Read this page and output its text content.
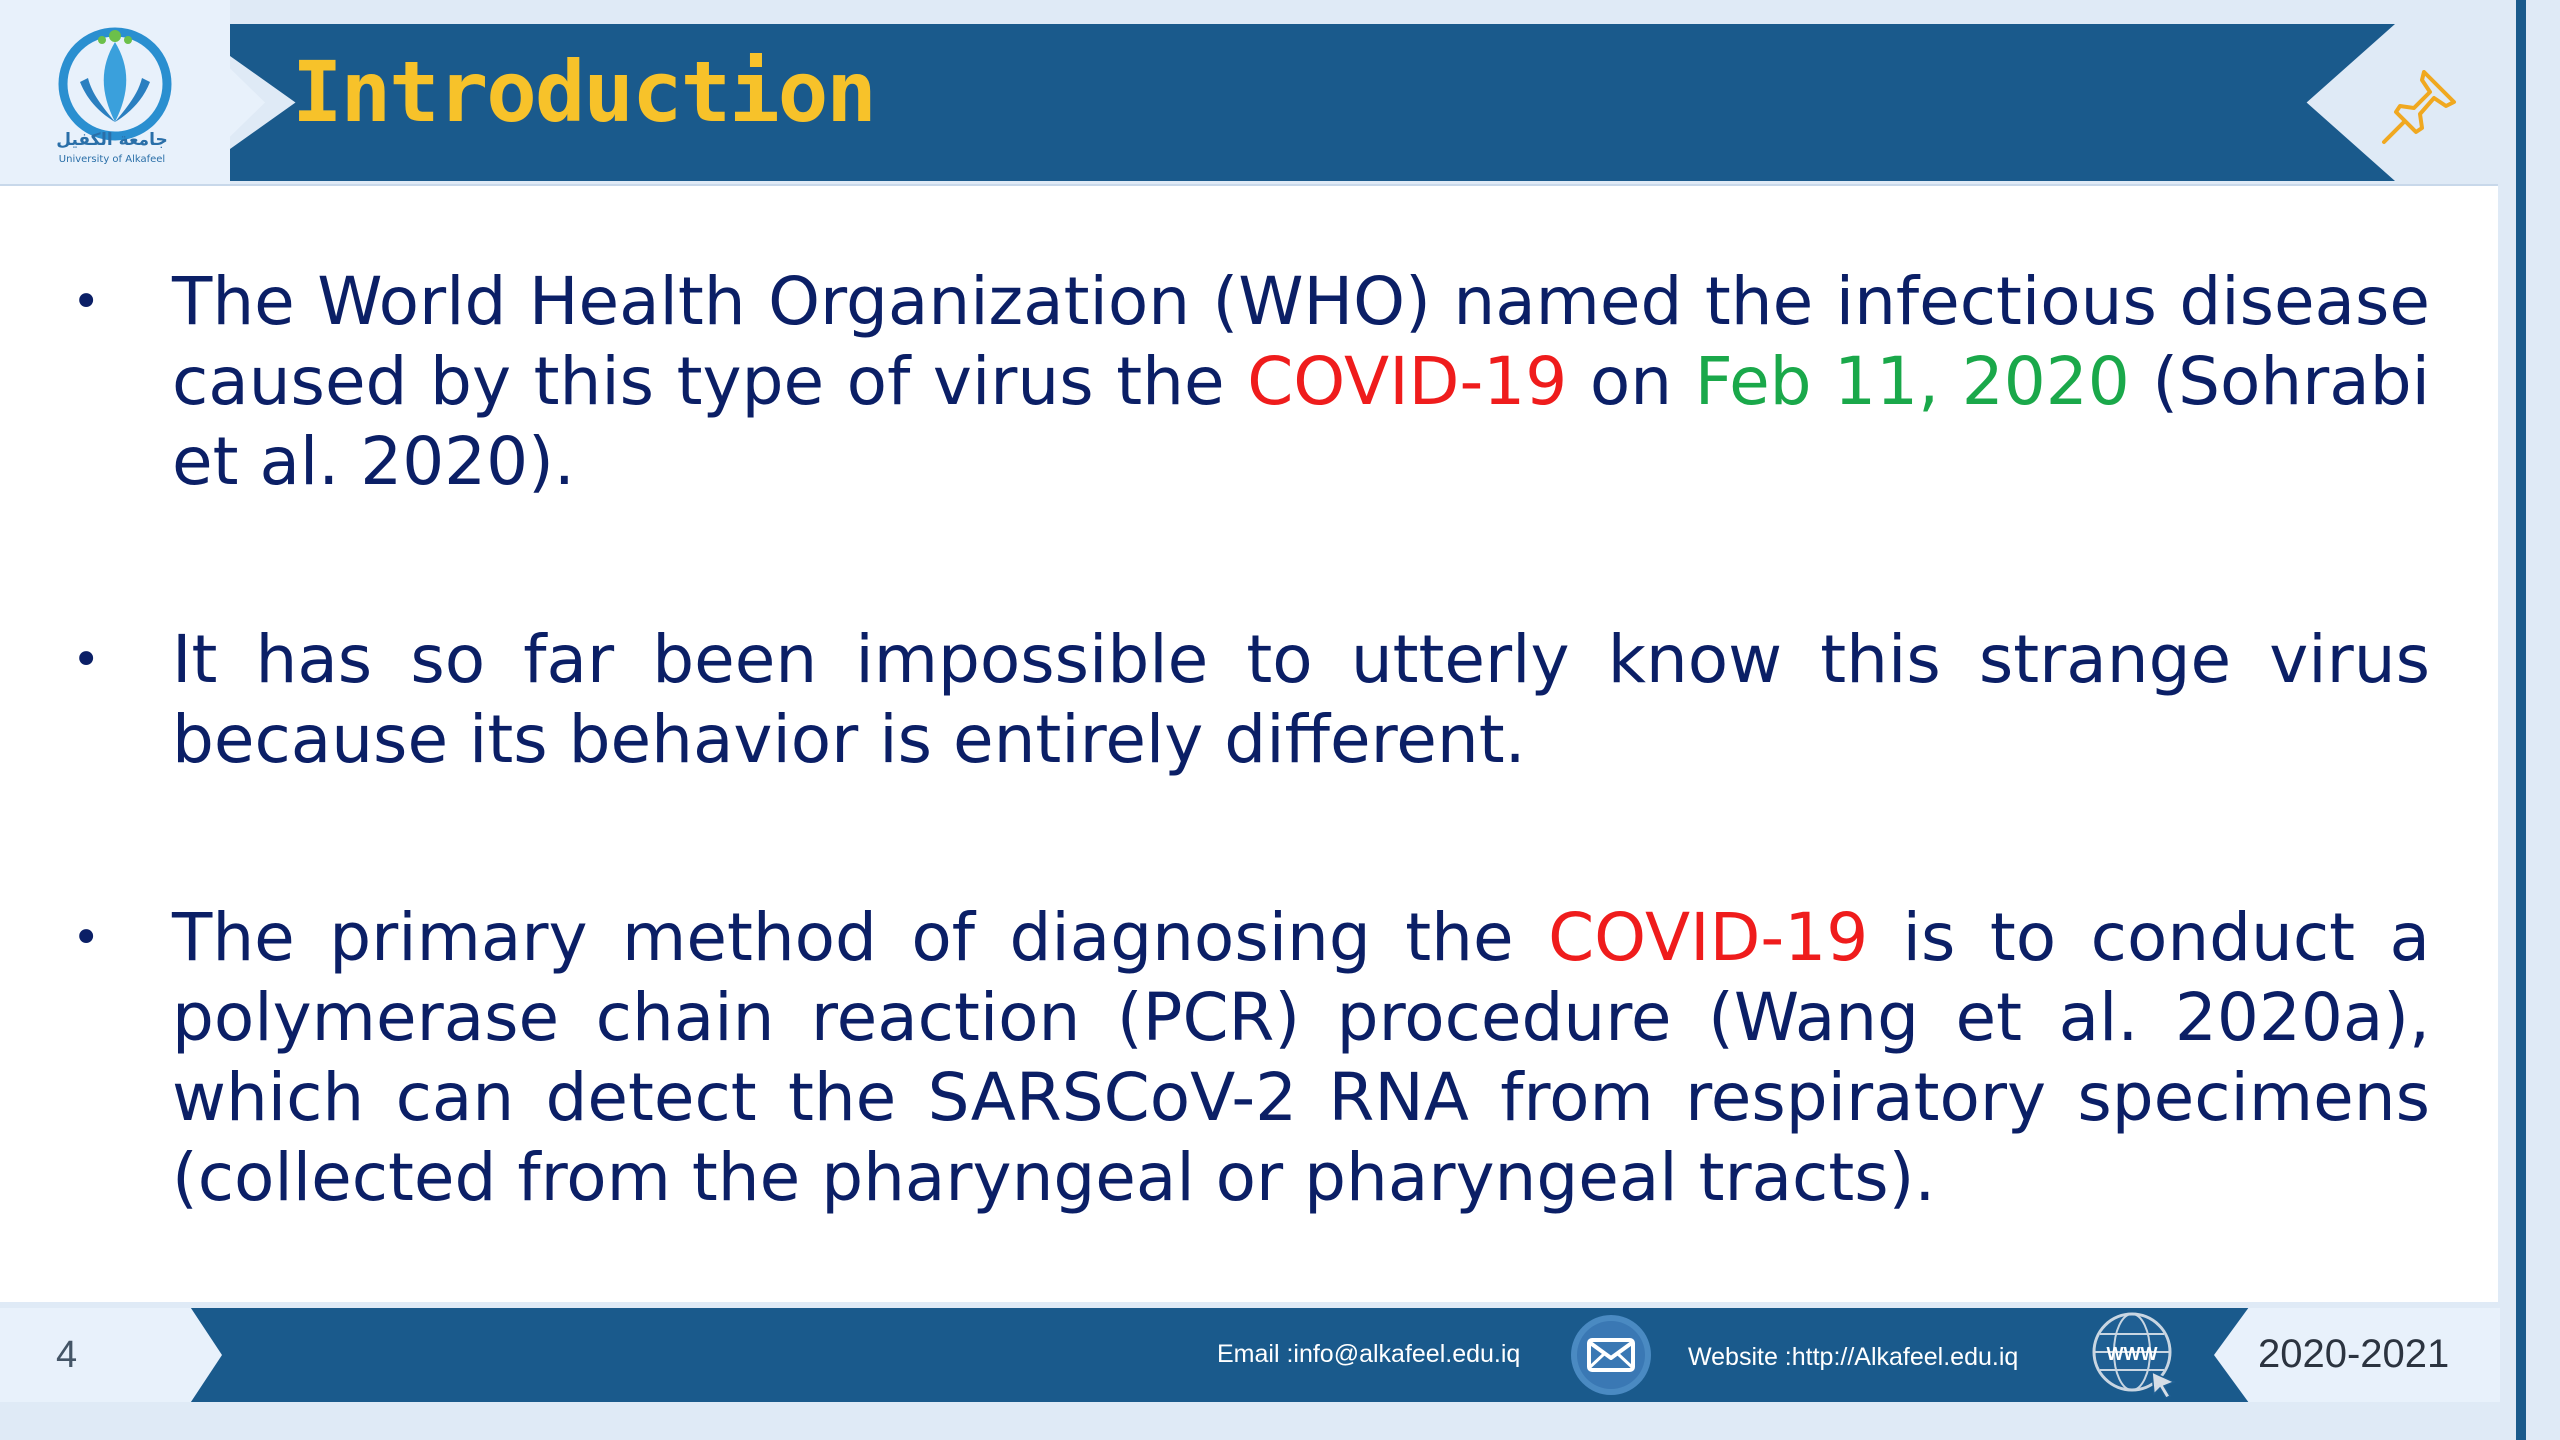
جامعة الكفيل
University of Alkafeel
Introduction
• The World Health Organization (WHO) named the infectious disease caused by this type of virus the COVID-19 on Feb 11, 2020 (Sohrabi et al. 2020).
• It has so far been impossible to utterly know this strange virus because its behavior is entirely different.
• The primary method of diagnosing the COVID-19 is to conduct a polymerase chain reaction (PCR) procedure (Wang et al. 2020a), which can detect the SARSCoV-2 RNA from respiratory specimens (collected from the pharyngeal or pharyngeal tracts).
4	Email :info@alkafeel.edu.iq	Website :http://Alkafeel.edu.iq	WWW	2020-2021
